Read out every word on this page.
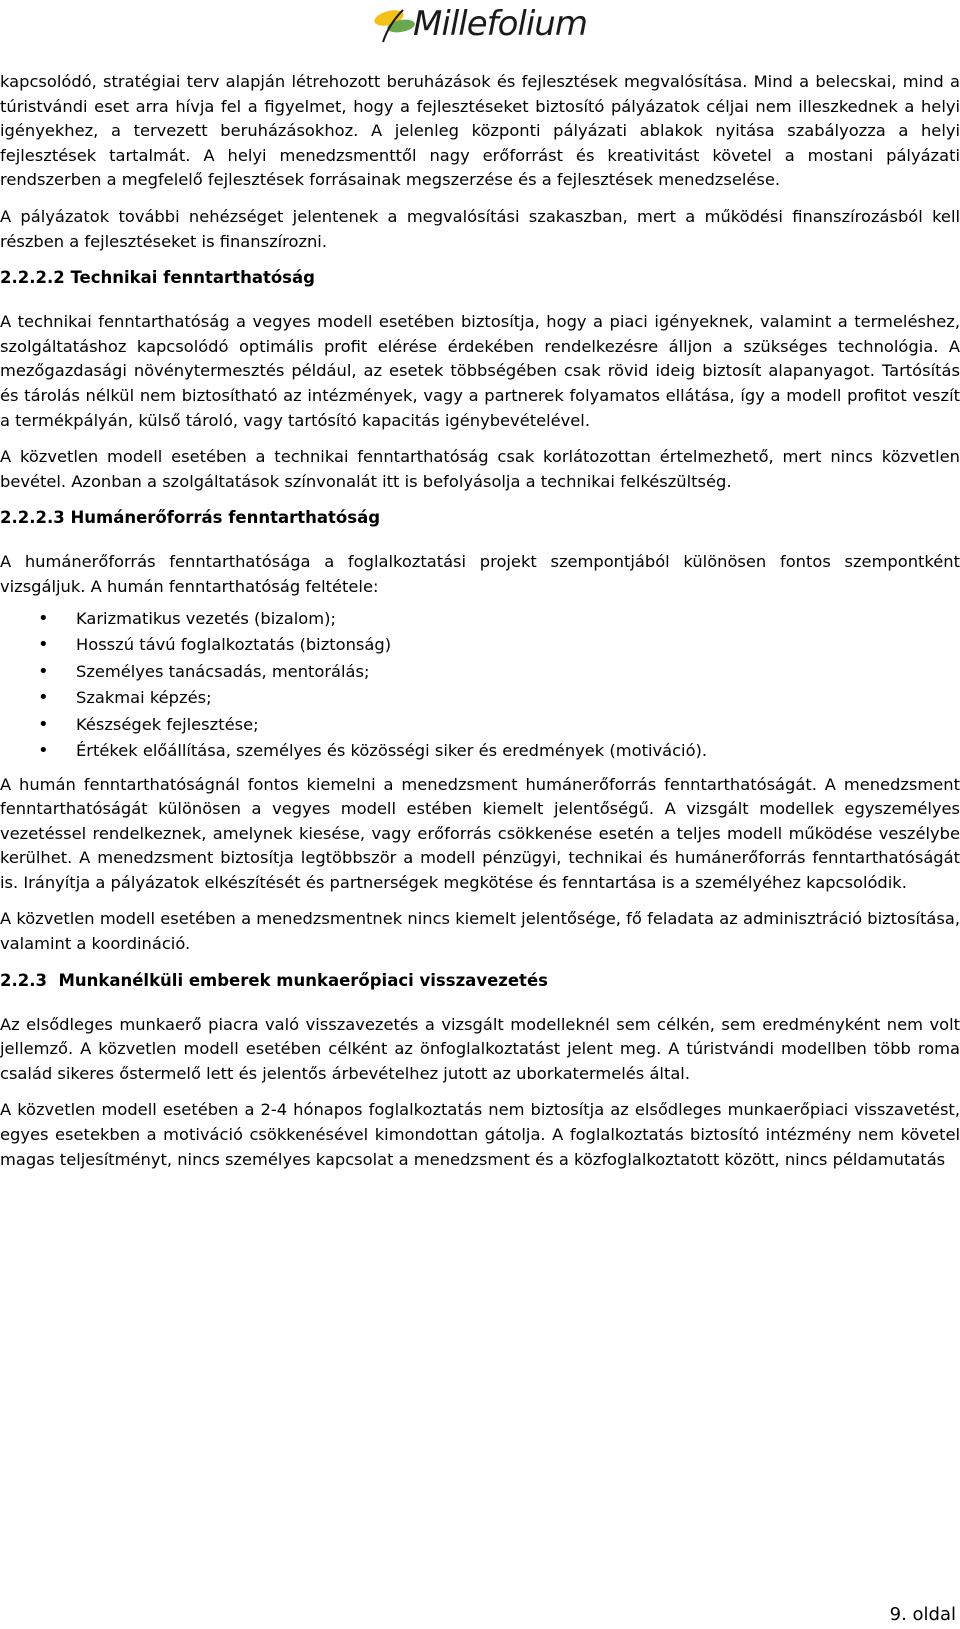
Millefolium

kapcsolódó, stratégiai terv alapján létrehozott beruházások és fejlesztések megvalósítása. Mind a belecskai, mind a túristvándi eset arra hívja fel a figyelmet, hogy a fejlesztéseket biztosító pályázatok céljai nem illeszkednek a helyi igényekhez, a tervezett beruházásokhoz. A jelenleg központi pályázati ablakok nyitása szabályozza a helyi fejlesztések tartalmát. A helyi menedzsmenttől nagy erőforrást és kreativitást követel a mostani pályázati rendszerben a megfelelő fejlesztések forrásainak megszerzése és a fejlesztések menedzselése.

A pályázatok további nehézséget jelentenek a megvalósítási szakaszban, mert a működési finanszírozásból kell részben a fejlesztéseket is finanszírozni.

2.2.2.2 Technikai fenntarthatóság

A technikai fenntarthatóság a vegyes modell esetében biztosítja, hogy a piaci igényeknek, valamint a termeléshez, szolgáltatáshoz kapcsolódó optimális profit elérése érdekében rendelkezésre álljon a szükséges technológia. A mezőgazdasági növénytermesztés például, az esetek többségében csak rövid ideig biztosít alapanyagot. Tartósítás és tárolás nélkül nem biztosítható az intézmények, vagy a partnerek folyamatos ellátása, így a modell profitot veszít a termékpályán, külső tároló, vagy tartósító kapacitás igénybevételével.

A közvetlen modell esetében a technikai fenntarthatóság csak korlátozottan értelmezhető, mert nincs közvetlen bevétel. Azonban a szolgáltatások színvonalát itt is befolyásolja a technikai felkészültség.

2.2.2.3 Humánerőforrás fenntarthatóság

A humánerőforrás fenntarthatósága a foglalkoztatási projekt szempontjából különösen fontos szempontként vizsgáljuk. A humán fenntarthatóság feltétele:

• Karizmatikus vezetés (bizalom);
• Hosszú távú foglalkoztatás (biztonság)
• Személyes tanácsadás, mentorálás;
• Szakmai képzés;
• Készségek fejlesztése;
• Értékek előállítása, személyes és közösségi siker és eredmények (motiváció).

A humán fenntarthatóságnál fontos kiemelni a menedzsment humánerőforrás fenntarthatóságát. A menedzsment fenntarthatóságát különösen a vegyes modell estében kiemelt jelentőségű. A vizsgált modellek egyszemélyes vezetéssel rendelkeznek, amelynek kiesése, vagy erőforrás csökkenése esetén a teljes modell működése veszélybe kerülhet. A menedzsment biztosítja legtöbbször a modell pénzügyi, technikai és humánerőforrás fenntarthatóságát is. Irányítja a pályázatok elkészítését és partnerségek megkötése és fenntartása is a személyéhez kapcsolódik.

A közvetlen modell esetében a menedzsmentnek nincs kiemelt jelentősége, fő feladata az adminisztráció biztosítása, valamint a koordináció.

2.2.3  Munkanélküli emberek munkaerőpiaci visszavezetés

Az elsődleges munkaerő piacra való visszavezetés a vizsgált modelleknél sem célkén, sem eredményként nem volt jellemző. A közvetlen modell esetében célként az önfoglalkoztatást jelent meg. A túristvándi modellben több roma család sikeres őstermelő lett és jelentős árbevételhez jutott az uborkatermelés által.

A közvetlen modell esetében a 2-4 hónapos foglalkoztatás nem biztosítja az elsődleges munkaerőpiaci visszavetést, egyes esetekben a motiváció csökkenésével kimondottan gátolja. A foglalkoztatás biztosító intézmény nem követel magas teljesítményt, nincs személyes kapcsolat a menedzsment és a közfoglalkoztatott között, nincs példamutatás

9. oldal
